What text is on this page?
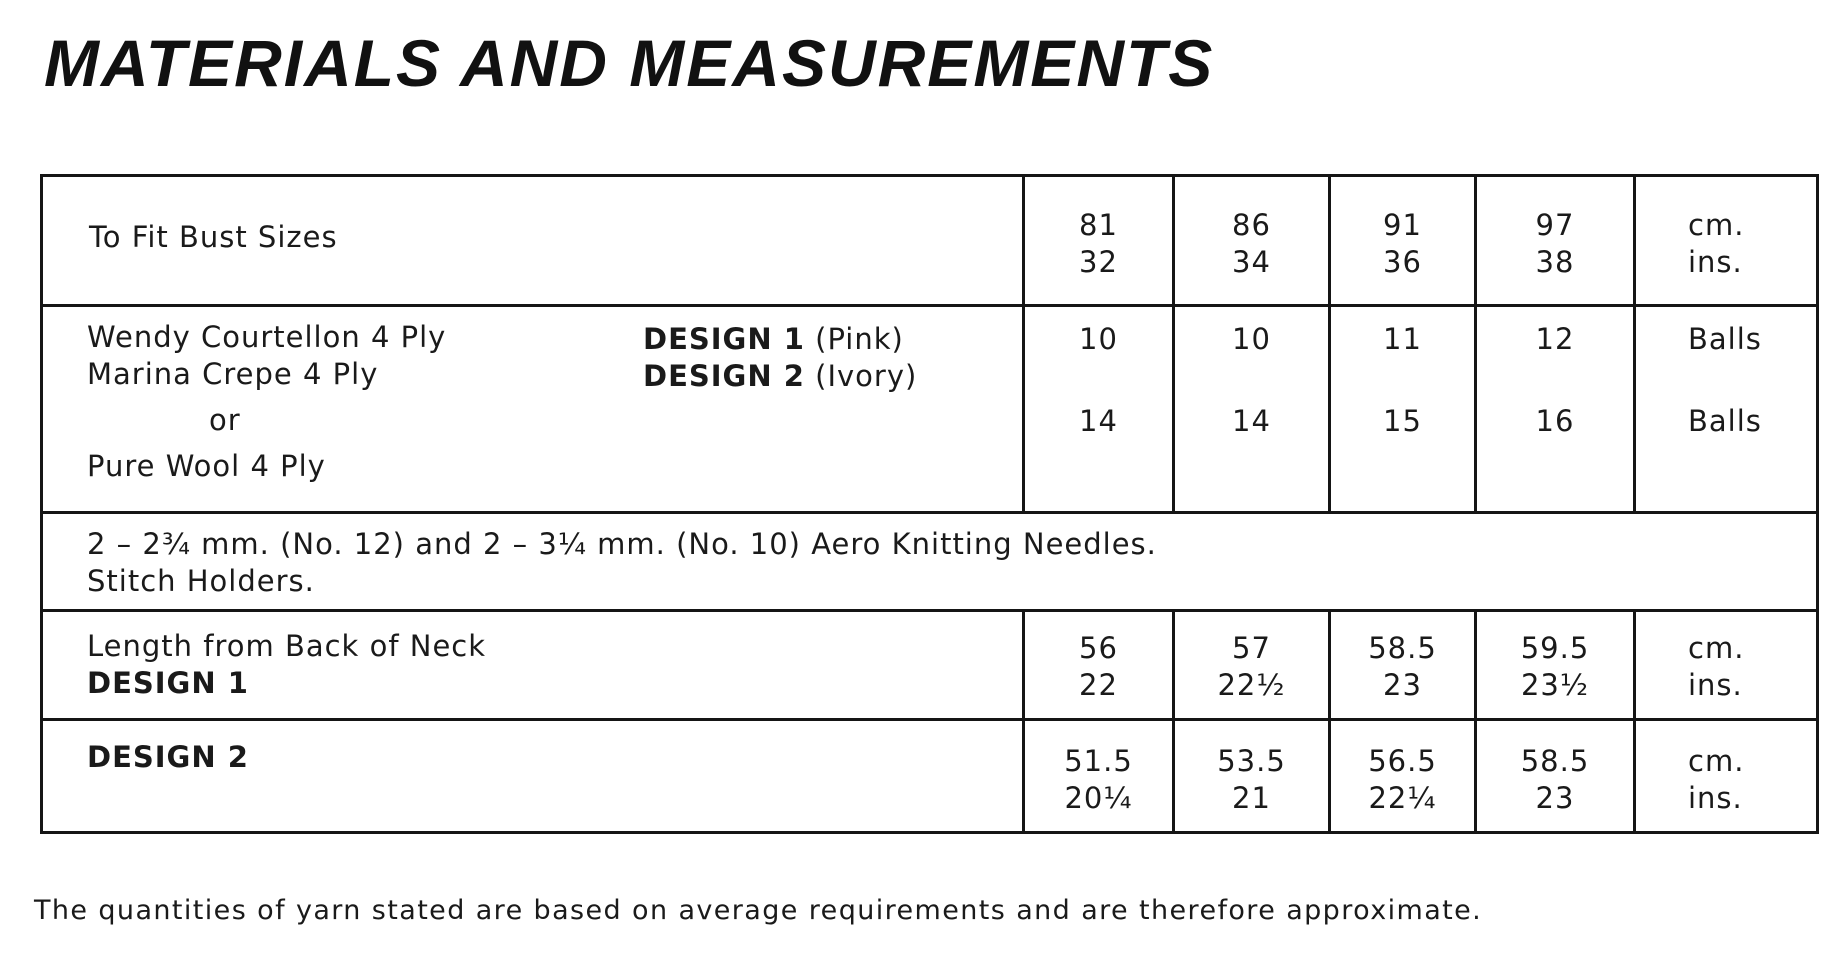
MATERIALS AND MEASUREMENTS
To Fit Bust Sizes	81
32
86
34
91
36
97
38
cm.
ins.
Wendy Courtellon 4 Ply
Marina Crepe 4 Ply
or
Pure Wool 4 Ply
DESIGN 1 (Pink)
DESIGN 2 (Ivory)
10
14
10
14
11
15
12
16
Balls
Balls
2 – 2¾ mm. (No. 12) and 2 – 3¼ mm. (No. 10) Aero Knitting Needles.
Stitch Holders.
Length from Back of Neck
DESIGN 1
56
22
57
22½
58.5
23
59.5
23½
cm.
ins.
DESIGN 2	51.5
20¼
53.5
21
56.5
22¼
58.5
23
cm.
ins.

The quantities of yarn stated are based on average requirements and are therefore approximate.
